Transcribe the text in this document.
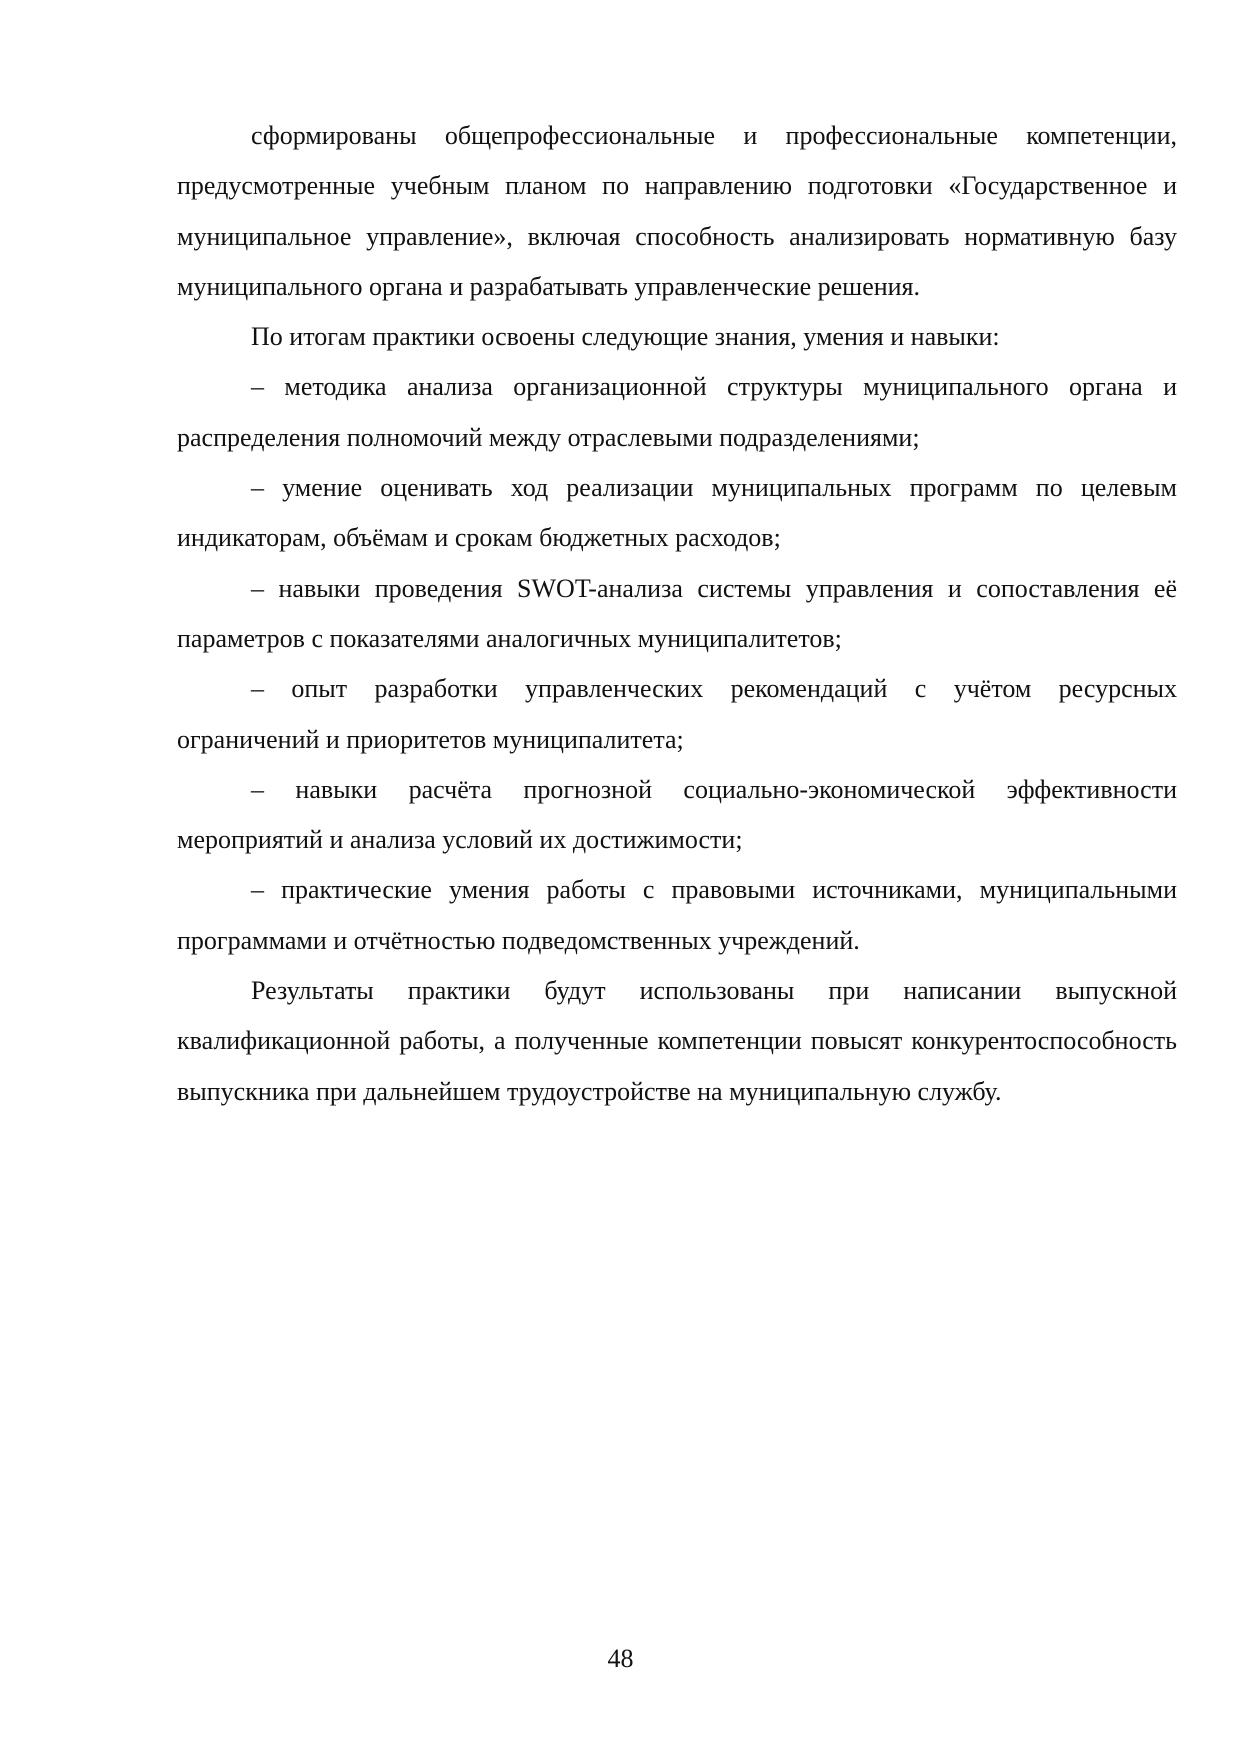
сформированы общепрофессиональные и профессиональные компетенции, предусмотренные учебным планом по направлению подготовки «Государственное и муниципальное управление», включая способность анализировать нормативную базу муниципального органа и разрабатывать управленческие решения.

По итогам практики освоены следующие знания, умения и навыки:

– методика анализа организационной структуры муниципального органа и распределения полномочий между отраслевыми подразделениями;

– умение оценивать ход реализации муниципальных программ по целевым индикаторам, объёмам и срокам бюджетных расходов;

– навыки проведения SWOT-анализа системы управления и сопоставления её параметров с показателями аналогичных муниципалитетов;

– опыт разработки управленческих рекомендаций с учётом ресурсных ограничений и приоритетов муниципалитета;

– навыки расчёта прогнозной социально-экономической эффективности мероприятий и анализа условий их достижимости;

– практические умения работы с правовыми источниками, муниципальными программами и отчётностью подведомственных учреждений.

Результаты практики будут использованы при написании выпускной квалификационной работы, а полученные компетенции повысят конкурентоспособность выпускника при дальнейшем трудоустройстве на муниципальную службу.

48
